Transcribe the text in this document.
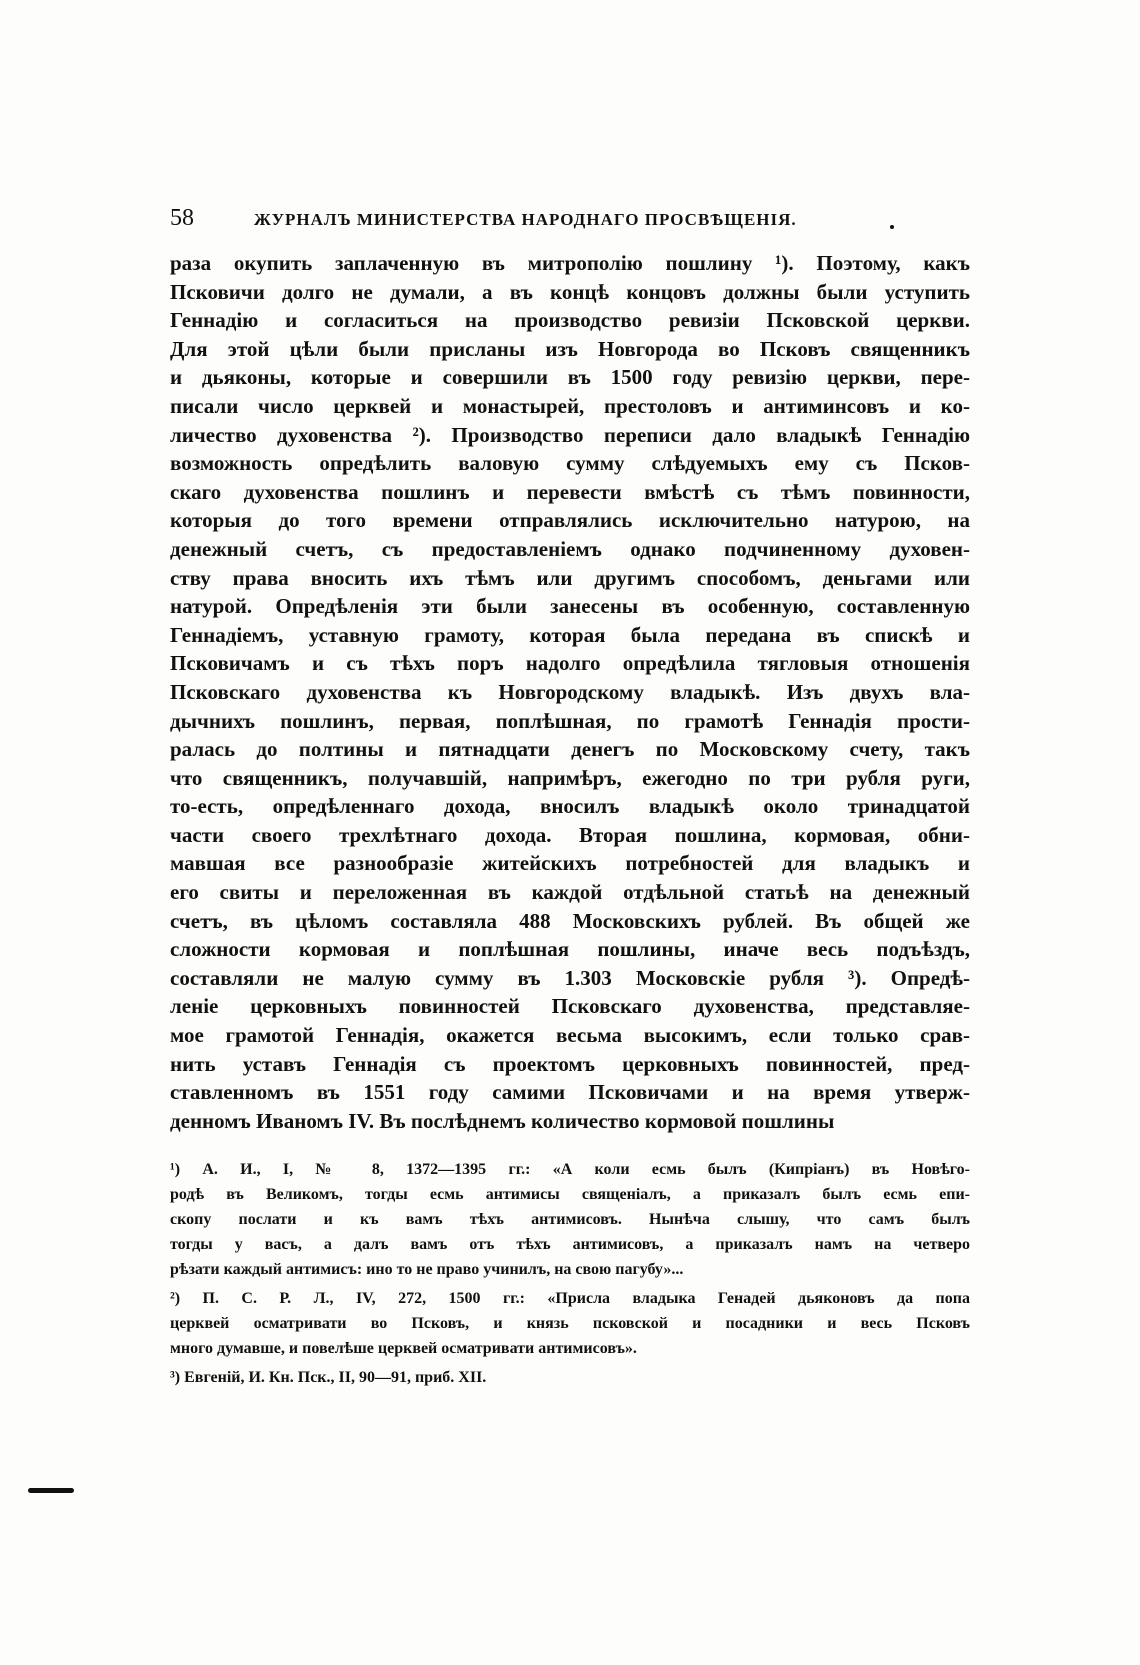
58	ЖУРНАЛЪ МИНИСТЕРСТВА НАРОДНАГО ПРОСВѢЩЕНІЯ.
раза окупить заплаченную въ митрополію пошлину ¹). Поэтому, какъ
Псковичи долго не думали, а въ концѣ концовъ должны были уступить
Геннадію и согласиться на производство ревизіи Псковской церкви.
Для этой цѣли были присланы изъ Новгорода во Псковъ священникъ
и дьяконы, которые и совершили въ 1500 году ревизію церкви, пере-
писали число церквей и монастырей, престоловъ и антиминсовъ и ко-
личество духовенства ²). Производство переписи дало владыкѣ Геннадію
возможность опредѣлить валовую сумму слѣдуемыхъ ему съ Псков-
скаго духовенства пошлинъ и перевести вмѣстѣ съ тѣмъ повинности,
которыя до того времени отправлялись исключительно натурою, на
денежный счетъ, съ предоставленіемъ однако подчиненному духовен-
ству права вносить ихъ тѣмъ или другимъ способомъ, деньгами или
натурой. Опредѣленія эти были занесены въ особенную, составленную
Геннадіемъ, уставную грамоту, которая была передана въ спискѣ и
Псковичамъ и съ тѣхъ поръ надолго опредѣлила тягловыя отношенія
Псковскаго духовенства къ Новгородскому владыкѣ. Изъ двухъ вла-
дычнихъ пошлинъ, первая, поплѣшная, по грамотѣ Геннадія прости-
ралась до полтины и пятнадцати денегъ по Московскому счету, такъ
что священникъ, получавшій, напримѣръ, ежегодно по три рубля руги,
то-есть, опредѣленнаго дохода, вносилъ владыкѣ около тринадцатой
части своего трехлѣтнаго дохода. Вторая пошлина, кормовая, обни-
мавшая все разнообразіе житейскихъ потребностей для владыкъ и
его свиты и переложенная въ каждой отдѣльной статьѣ на денежный
счетъ, въ цѣломъ составляла 488 Московскихъ рублей. Въ общей же
сложности кормовая и поплѣшная пошлины, иначе весь подъѣздъ,
составляли не малую сумму въ 1.303 Московскіе рубля ³). Опредѣ-
леніе церковныхъ повинностей Псковскаго духовенства, представляе-
мое грамотой Геннадія, окажется весьма высокимъ, если только срав-
нить уставъ Геннадія съ проектомъ церковныхъ повинностей, пред-
ставленномъ въ 1551 году самими Псковичами и на время утверж-
денномъ Иваномъ IV. Въ послѣднемъ количество кормовой пошлины
¹) А. И., I, № 8, 1372—1395 гг.: «А коли есмь былъ (Кипріанъ) въ Новѣго-
родѣ въ Великомъ, тогды есмь антимисы священіалъ, а приказалъ былъ есмь епи-
скопу послати и къ вамъ тѣхъ антимисовъ. Нынѣча слышу, что самъ былъ
тогды у васъ, а далъ вамъ отъ тѣхъ антимисовъ, а приказалъ намъ на четверо
рѣзати каждый антимисъ: ино то не право учинилъ, на свою пагубу»...
²) П. С. Р. Л., IV, 272, 1500 гг.: «Присла владыка Генадей дьяконовъ да попа
церквей осматривати во Псковъ, и князь псковской и посадники и весь Псковъ
много думавше, и повелѣше церквей осматривати антимисовъ».
³) Евгеній, И. Кн. Пск., II, 90—91, приб. XII.
